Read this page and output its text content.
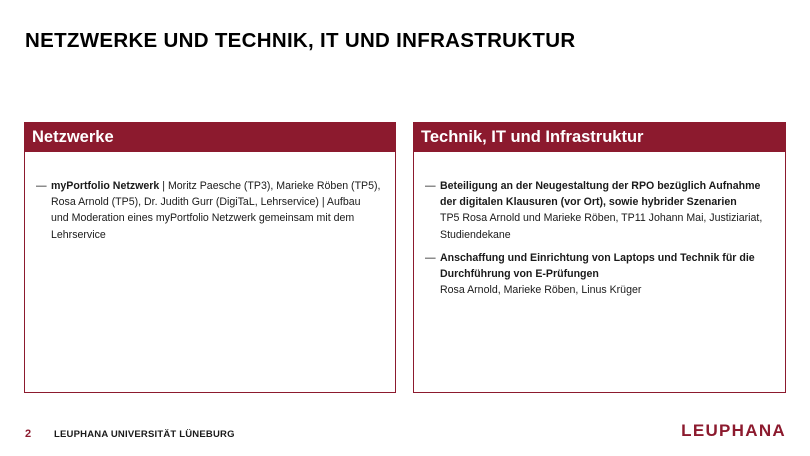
NETZWERKE UND TECHNIK, IT UND INFRASTRUKTUR
Netzwerke
— myPortfolio Netzwerk | Moritz Paesche (TP3), Marieke Röben (TP5), Rosa Arnold (TP5), Dr. Judith Gurr (DigiTaL, Lehrservice) | Aufbau und Moderation eines myPortfolio Netzwerk gemeinsam mit dem Lehrservice
Technik, IT und Infrastruktur
— Beteiligung an der Neugestaltung der RPO bezüglich Aufnahme der digitalen Klausuren (vor Ort), sowie hybrider Szenarien
TP5 Rosa Arnold und Marieke Röben, TP11 Johann Mai, Justiziariat, Studiendekane
— Anschaffung und Einrichtung von Laptops und Technik für die Durchführung von E-Prüfungen
Rosa Arnold, Marieke Röben, Linus Krüger
2 LEUPHANA UNIVERSITÄT LÜNEBURG	LEUPHANA
